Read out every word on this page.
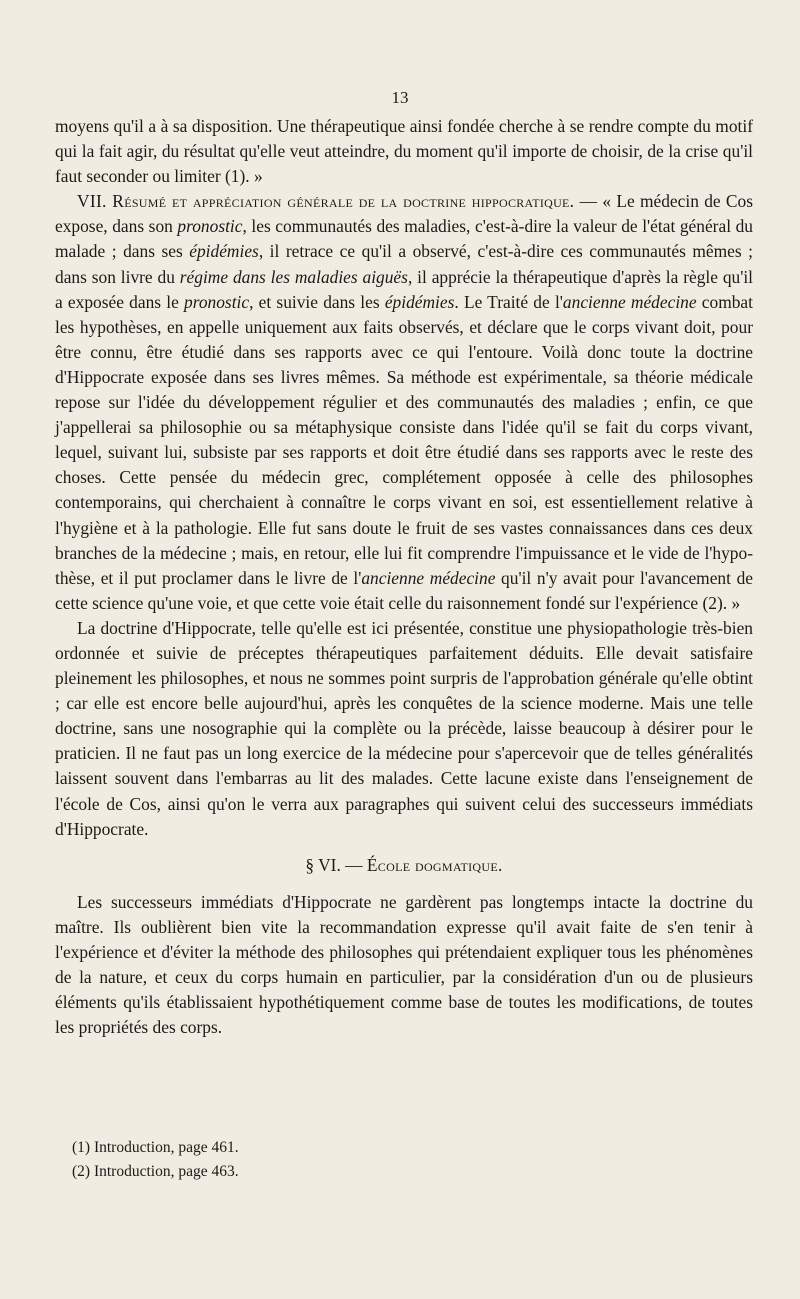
13

moyens qu'il a à sa disposition. Une thérapeutique ainsi fondée cherche à se rendre compte du motif qui la fait agir, du résultat qu'elle veut atteindre, du moment qu'il importe de choisir, de la crise qu'il faut seconder ou limiter (1). »

VII. Résumé et appréciation générale de la doctrine hippocratique. — « Le médecin de Cos expose, dans son pronostic, les communautés des maladies, c'est-à-dire la valeur de l'état général du malade ; dans ses épidémies, il retrace ce qu'il a observé, c'est-à-dire ces communautés mêmes ; dans son livre du régime dans les maladies aiguës, il apprécie la thérapeutique d'après la règle qu'il a exposée dans le pronostic, et suivie dans les épidémies. Le Traité de l'ancienne médecine combat les hypothèses, en appelle uniquement aux faits observés, et déclare que le corps vivant doit, pour être connu, être étudié dans ses rapports avec ce qui l'entoure. Voilà donc toute la doctrine d'Hippocrate exposée dans ses livres mêmes. Sa méthode est expérimentale, sa théorie médicale repose sur l'idée du développement régulier et des communautés des maladies ; enfin, ce que j'appellerai sa philosophie ou sa métaphysique consiste dans l'idée qu'il se fait du corps vivant, lequel, suivant lui, subsiste par ses rapports et doit être étudié dans ses rapports avec le reste des choses. Cette pensée du médecin grec, complétement opposée à celle des philosophes contemporains, qui cherchaient à connaître le corps vivant en soi, est essentiellement relative à l'hygiène et à la pathologie. Elle fut sans doute le fruit de ses vastes connaissances dans ces deux branches de la médecine ; mais, en retour, elle lui fit comprendre l'impuissance et le vide de l'hypothèse, et il put proclamer dans le livre de l'ancienne médecine qu'il n'y avait pour l'avancement de cette science qu'une voie, et que cette voie était celle du raisonnement fondé sur l'expérience (2). »

La doctrine d'Hippocrate, telle qu'elle est ici présentée, constitue une physiopathologie très-bien ordonnée et suivie de préceptes thérapeutiques parfaitement déduits. Elle devait satisfaire pleinement les philosophes, et nous ne sommes point surpris de l'approbation générale qu'elle obtint ; car elle est encore belle aujourd'hui, après les conquêtes de la science moderne. Mais une telle doctrine, sans une nosographie qui la complète ou la précède, laisse beaucoup à désirer pour le praticien. Il ne faut pas un long exercice de la médecine pour s'apercevoir que de telles généralités laissent souvent dans l'embarras au lit des malades. Cette lacune existe dans l'enseignement de l'école de Cos, ainsi qu'on le verra aux paragraphes qui suivent celui des successeurs immédiats d'Hippocrate.

§ VI. — École dogmatique.

Les successeurs immédiats d'Hippocrate ne gardèrent pas longtemps intacte la doctrine du maître. Ils oublièrent bien vite la recommandation expresse qu'il avait faite de s'en tenir à l'expérience et d'éviter la méthode des philosophes qui prétendaient expliquer tous les phénomènes de la nature, et ceux du corps humain en particulier, par la considération d'un ou de plusieurs éléments qu'ils établissaient hypothétiquement comme base de toutes les modifications, de toutes les propriétés des corps.

(1) Introduction, page 461.
(2) Introduction, page 463.
